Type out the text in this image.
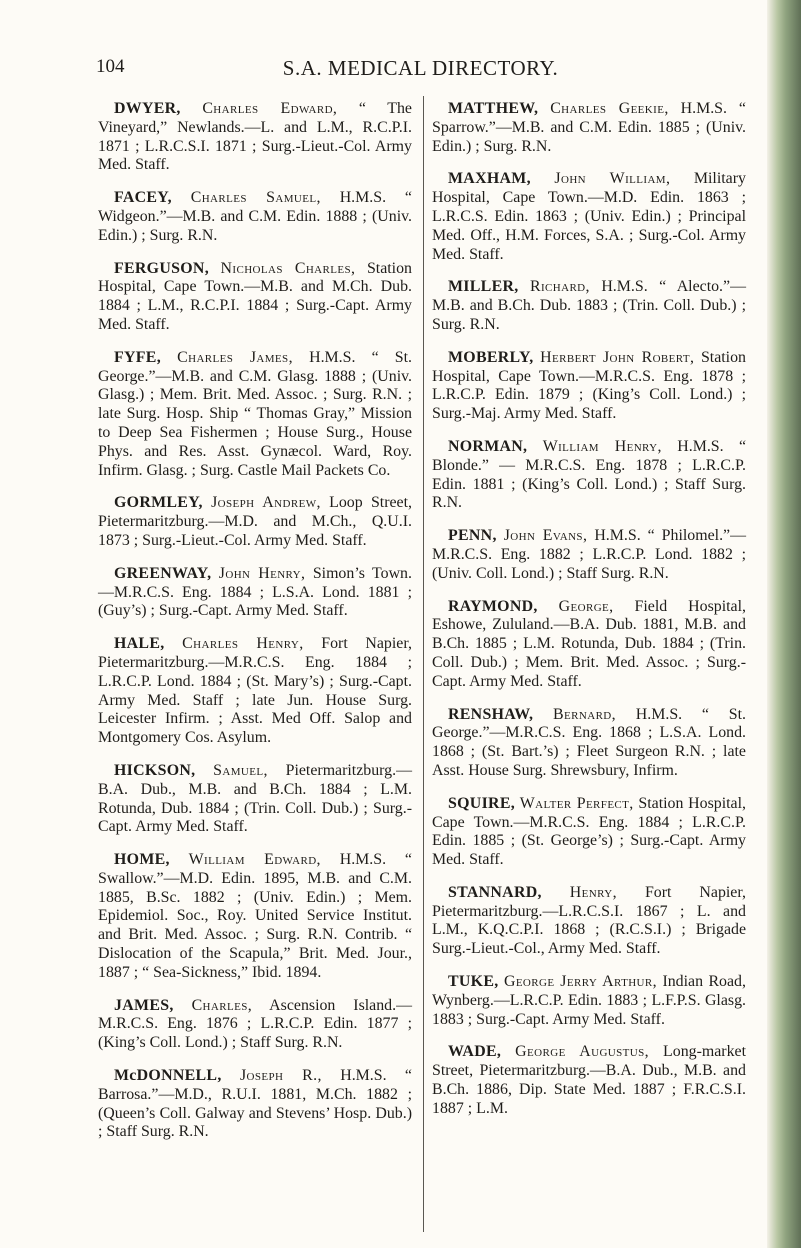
104	S.A. MEDICAL DIRECTORY.

DWYER, Charles Edward, “ The Vineyard,” Newlands.—L. and L.M., R.C.P.I. 1871 ; L.R.C.S.I. 1871 ; Surg.-Lieut.-Col. Army Med. Staff.

FACEY, Charles Samuel, H.M.S. “ Widgeon.”—M.B. and C.M. Edin. 1888 ; (Univ. Edin.) ; Surg. R.N.

FERGUSON, Nicholas Charles, Station Hospital, Cape Town.—M.B. and M.Ch. Dub. 1884 ; L.M., R.C.P.I. 1884 ; Surg.-Capt. Army Med. Staff.

FYFE, Charles James, H.M.S. “ St. George.”—M.B. and C.M. Glasg. 1888 ; (Univ. Glasg.) ; Mem. Brit. Med. Assoc. ; Surg. R.N. ; late Surg. Hosp. Ship “ Thomas Gray,” Mission to Deep Sea Fishermen ; House Surg., House Phys. and Res. Asst. Gynæcol. Ward, Roy. Infirm. Glasg. ; Surg. Castle Mail Packets Co.

GORMLEY, Joseph Andrew, Loop Street, Pietermaritzburg.—M.D. and M.Ch., Q.U.I. 1873 ; Surg.-Lieut.-Col. Army Med. Staff.

GREENWAY, John Henry, Simon’s Town.—M.R.C.S. Eng. 1884 ; L.S.A. Lond. 1881 ; (Guy’s) ; Surg.-Capt. Army Med. Staff.

HALE, Charles Henry, Fort Napier, Pietermaritzburg.—M.R.C.S. Eng. 1884 ; L.R.C.P. Lond. 1884 ; (St. Mary’s) ; Surg.-Capt. Army Med. Staff ; late Jun. House Surg. Leicester Infirm. ; Asst. Med Off. Salop and Montgomery Cos. Asylum.

HICKSON, Samuel, Pietermaritzburg.—B.A. Dub., M.B. and B.Ch. 1884 ; L.M. Rotunda, Dub. 1884 ; (Trin. Coll. Dub.) ; Surg.-Capt. Army Med. Staff.

HOME, William Edward, H.M.S. “ Swallow.”—M.D. Edin. 1895, M.B. and C.M. 1885, B.Sc. 1882 ; (Univ. Edin.) ; Mem. Epidemiol. Soc., Roy. United Service Institut. and Brit. Med. Assoc. ; Surg. R.N. Contrib. “ Dislocation of the Scapula,” Brit. Med. Jour., 1887 ; “ Sea-Sickness,” Ibid. 1894.

JAMES, Charles, Ascension Island.—M.R.C.S. Eng. 1876 ; L.R.C.P. Edin. 1877 ; (King’s Coll. Lond.) ; Staff Surg. R.N.

McDONNELL, Joseph R., H.M.S. “ Barrosa.”—M.D., R.U.I. 1881, M.Ch. 1882 ; (Queen’s Coll. Galway and Stevens’ Hosp. Dub.) ; Staff Surg. R.N.

MATTHEW, Charles Geekie, H.M.S. “ Sparrow.”—M.B. and C.M. Edin. 1885 ; (Univ. Edin.) ; Surg. R.N.

MAXHAM, John William, Military Hospital, Cape Town.—M.D. Edin. 1863 ; L.R.C.S. Edin. 1863 ; (Univ. Edin.) ; Principal Med. Off., H.M. Forces, S.A. ; Surg.-Col. Army Med. Staff.

MILLER, Richard, H.M.S. “ Alecto.”—M.B. and B.Ch. Dub. 1883 ; (Trin. Coll. Dub.) ; Surg. R.N.

MOBERLY, Herbert John Robert, Station Hospital, Cape Town.—M.R.C.S. Eng. 1878 ; L.R.C.P. Edin. 1879 ; (King’s Coll. Lond.) ; Surg.-Maj. Army Med. Staff.

NORMAN, William Henry, H.M.S. “ Blonde.” — M.R.C.S. Eng. 1878 ; L.R.C.P. Edin. 1881 ; (King’s Coll. Lond.) ; Staff Surg. R.N.

PENN, John Evans, H.M.S. “ Philomel.”—M.R.C.S. Eng. 1882 ; L.R.C.P. Lond. 1882 ; (Univ. Coll. Lond.) ; Staff Surg. R.N.

RAYMOND, George, Field Hospital, Eshowe, Zululand.—B.A. Dub. 1881, M.B. and B.Ch. 1885 ; L.M. Rotunda, Dub. 1884 ; (Trin. Coll. Dub.) ; Mem. Brit. Med. Assoc. ; Surg.-Capt. Army Med. Staff.

RENSHAW, Bernard, H.M.S. “ St. George.”—M.R.C.S. Eng. 1868 ; L.S.A. Lond. 1868 ; (St. Bart.’s) ; Fleet Surgeon R.N. ; late Asst. House Surg. Shrewsbury, Infirm.

SQUIRE, Walter Perfect, Station Hospital, Cape Town.—M.R.C.S. Eng. 1884 ; L.R.C.P. Edin. 1885 ; (St. George’s) ; Surg.-Capt. Army Med. Staff.

STANNARD, Henry, Fort Napier, Pietermaritzburg.—L.R.C.S.I. 1867 ; L. and L.M., K.Q.C.P.I. 1868 ; (R.C.S.I.) ; Brigade Surg.-Lieut.-Col., Army Med. Staff.

TUKE, George Jerry Arthur, Indian Road, Wynberg.—L.R.C.P. Edin. 1883 ; L.F.P.S. Glasg. 1883 ; Surg.-Capt. Army Med. Staff.

WADE, George Augustus, Long-market Street, Pietermaritzburg.—B.A. Dub., M.B. and B.Ch. 1886, Dip. State Med. 1887 ; F.R.C.S.I. 1887 ; L.M.
